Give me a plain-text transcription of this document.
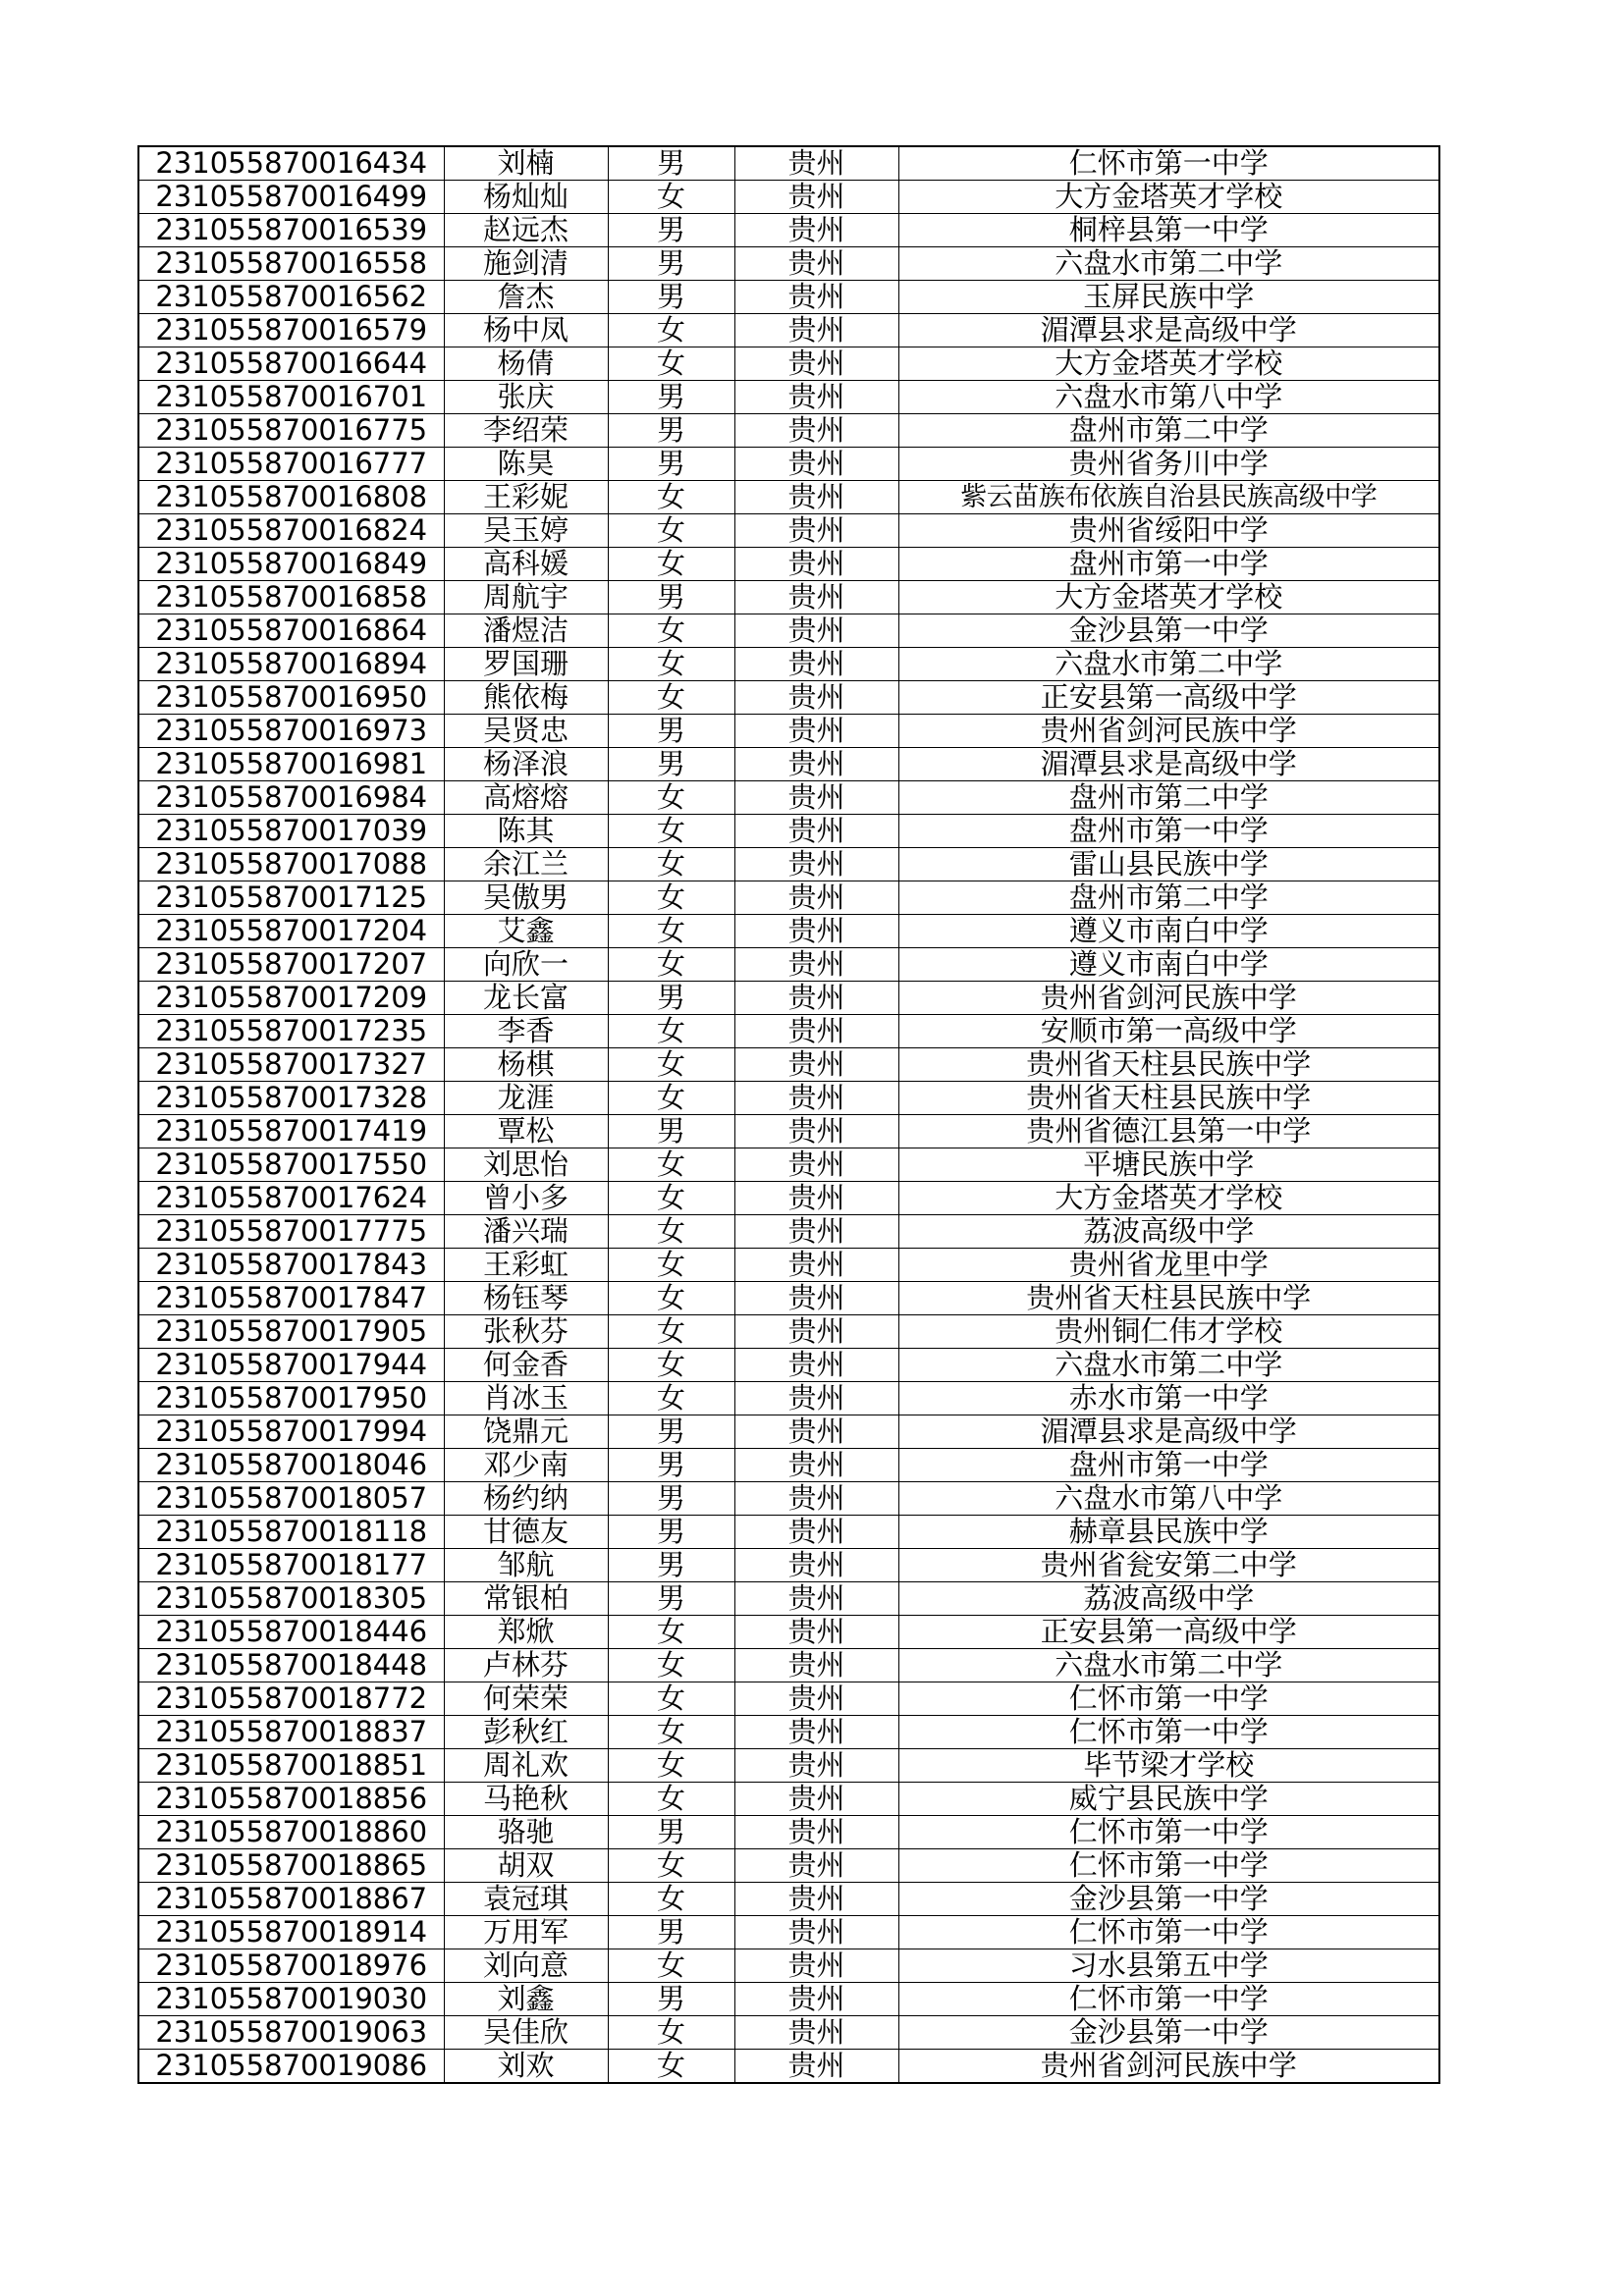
231055870016434	刘楠	男	贵州	仁怀市第一中学
231055870016499	杨灿灿	女	贵州	大方金塔英才学校
231055870016539	赵远杰	男	贵州	桐梓县第一中学
231055870016558	施剑清	男	贵州	六盘水市第二中学
231055870016562	詹杰	男	贵州	玉屏民族中学
231055870016579	杨中凤	女	贵州	湄潭县求是高级中学
231055870016644	杨倩	女	贵州	大方金塔英才学校
231055870016701	张庆	男	贵州	六盘水市第八中学
231055870016775	李绍荣	男	贵州	盘州市第二中学
231055870016777	陈昊	男	贵州	贵州省务川中学
231055870016808	王彩妮	女	贵州	紫云苗族布依族自治县民族高级中学
231055870016824	吴玉婷	女	贵州	贵州省绥阳中学
231055870016849	高科媛	女	贵州	盘州市第一中学
231055870016858	周航宇	男	贵州	大方金塔英才学校
231055870016864	潘煜洁	女	贵州	金沙县第一中学
231055870016894	罗国珊	女	贵州	六盘水市第二中学
231055870016950	熊依梅	女	贵州	正安县第一高级中学
231055870016973	吴贤忠	男	贵州	贵州省剑河民族中学
231055870016981	杨泽浪	男	贵州	湄潭县求是高级中学
231055870016984	高熔熔	女	贵州	盘州市第二中学
231055870017039	陈其	女	贵州	盘州市第一中学
231055870017088	余江兰	女	贵州	雷山县民族中学
231055870017125	吴傲男	女	贵州	盘州市第二中学
231055870017204	艾鑫	女	贵州	遵义市南白中学
231055870017207	向欣一	女	贵州	遵义市南白中学
231055870017209	龙长富	男	贵州	贵州省剑河民族中学
231055870017235	李香	女	贵州	安顺市第一高级中学
231055870017327	杨棋	女	贵州	贵州省天柱县民族中学
231055870017328	龙涯	女	贵州	贵州省天柱县民族中学
231055870017419	覃松	男	贵州	贵州省德江县第一中学
231055870017550	刘思怡	女	贵州	平塘民族中学
231055870017624	曾小多	女	贵州	大方金塔英才学校
231055870017775	潘兴瑞	女	贵州	荔波高级中学
231055870017843	王彩虹	女	贵州	贵州省龙里中学
231055870017847	杨钰琴	女	贵州	贵州省天柱县民族中学
231055870017905	张秋芬	女	贵州	贵州铜仁伟才学校
231055870017944	何金香	女	贵州	六盘水市第二中学
231055870017950	肖冰玉	女	贵州	赤水市第一中学
231055870017994	饶鼎元	男	贵州	湄潭县求是高级中学
231055870018046	邓少南	男	贵州	盘州市第一中学
231055870018057	杨约纳	男	贵州	六盘水市第八中学
231055870018118	甘德友	男	贵州	赫章县民族中学
231055870018177	邹航	男	贵州	贵州省瓮安第二中学
231055870018305	常银柏	男	贵州	荔波高级中学
231055870018446	郑焮	女	贵州	正安县第一高级中学
231055870018448	卢林芬	女	贵州	六盘水市第二中学
231055870018772	何荣荣	女	贵州	仁怀市第一中学
231055870018837	彭秋红	女	贵州	仁怀市第一中学
231055870018851	周礼欢	女	贵州	毕节梁才学校
231055870018856	马艳秋	女	贵州	威宁县民族中学
231055870018860	骆驰	男	贵州	仁怀市第一中学
231055870018865	胡双	女	贵州	仁怀市第一中学
231055870018867	袁冠琪	女	贵州	金沙县第一中学
231055870018914	万用军	男	贵州	仁怀市第一中学
231055870018976	刘向意	女	贵州	习水县第五中学
231055870019030	刘鑫	男	贵州	仁怀市第一中学
231055870019063	吴佳欣	女	贵州	金沙县第一中学
231055870019086	刘欢	女	贵州	贵州省剑河民族中学
